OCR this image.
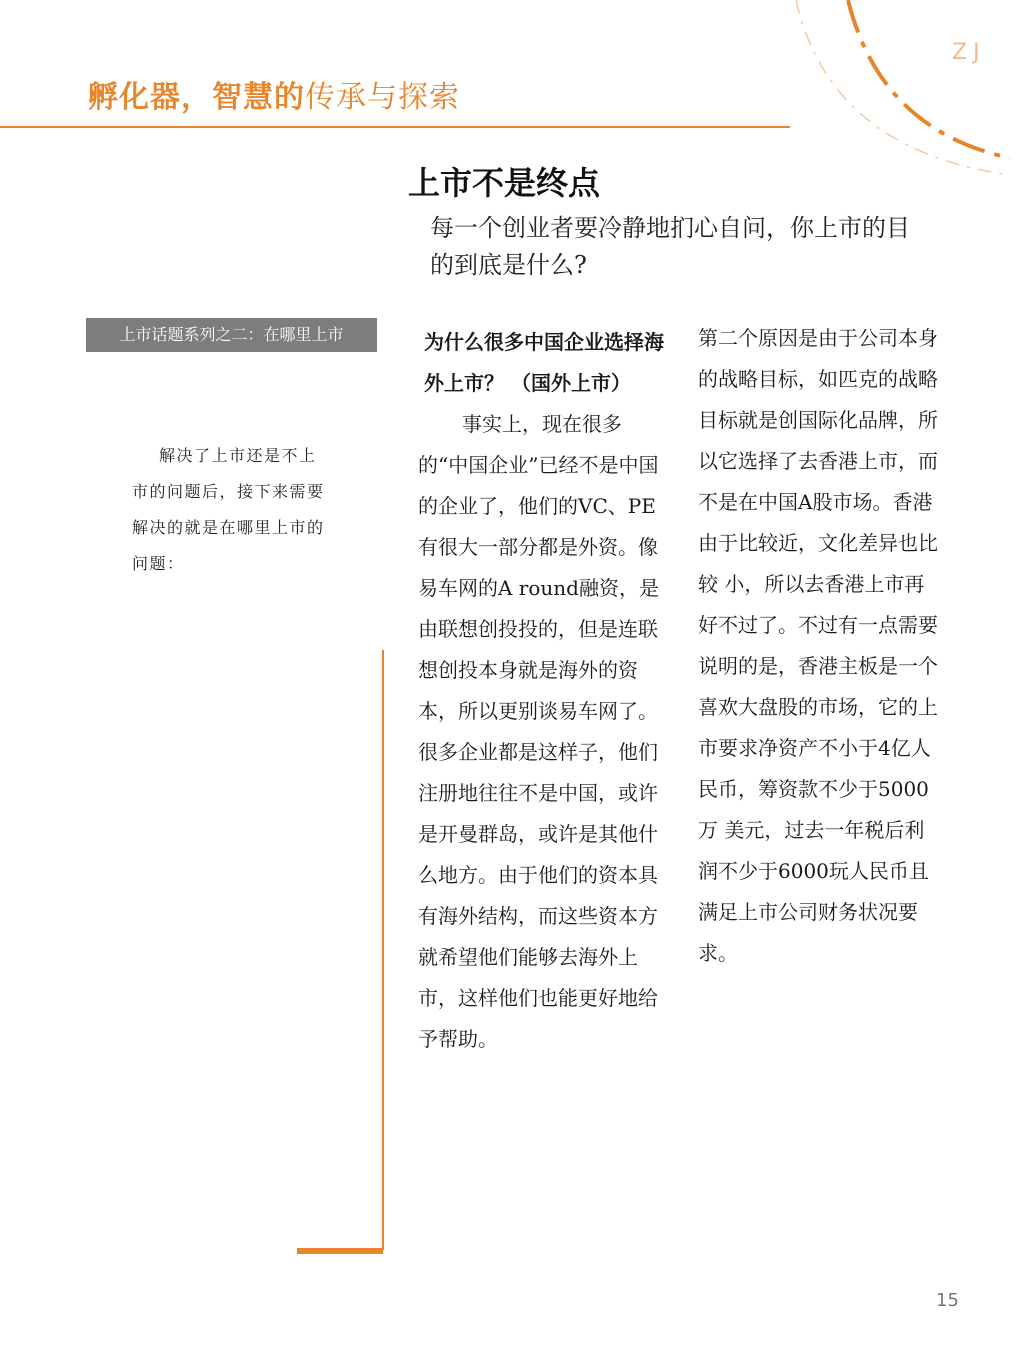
ZJ
孵化器，智慧的传承与探索
上市不是终点
每一个创业者要冷静地扪心自问，你上市的目的到底是什么?
上市话题系列之二：在哪里上市
解决了上市还是不上市的问题后，接下来需要解决的就是在哪里上市的问题：
为什么很多中国企业选择海外上市？ （国外上市）
事实上，现在很多的“中国企业”已经不是中国的企业了，他们的VC、PE有很大一部分都是外资。像易车网的A round融资，是由联想创投投的，但是连联想创投本身就是海外的资本，所以更别谈易车网了。很多企业都是这样子，他们注册地往往不是中国，或许是开曼群岛，或许是其他什么地方。由于他们的资本具有海外结构，而这些资本方就希望他们能够去海外上市，这样他们也能更好地给予帮助。
第二个原因是由于公司本身的战略目标，如匹克的战略目标就是创国际化品牌，所以它选择了去香港上市，而不是在中国A股市场。香港由于比较近，文化差异也比较 小，所以去香港上市再好不过了。不过有一点需要说明的是，香港主板是一个喜欢大盘股的市场，它的上市要求净资产不小于4亿人民币，筹资款不少于5000万 美元，过去一年税后利润不少于6000玩人民币且满足上市公司财务状况要求。
15
